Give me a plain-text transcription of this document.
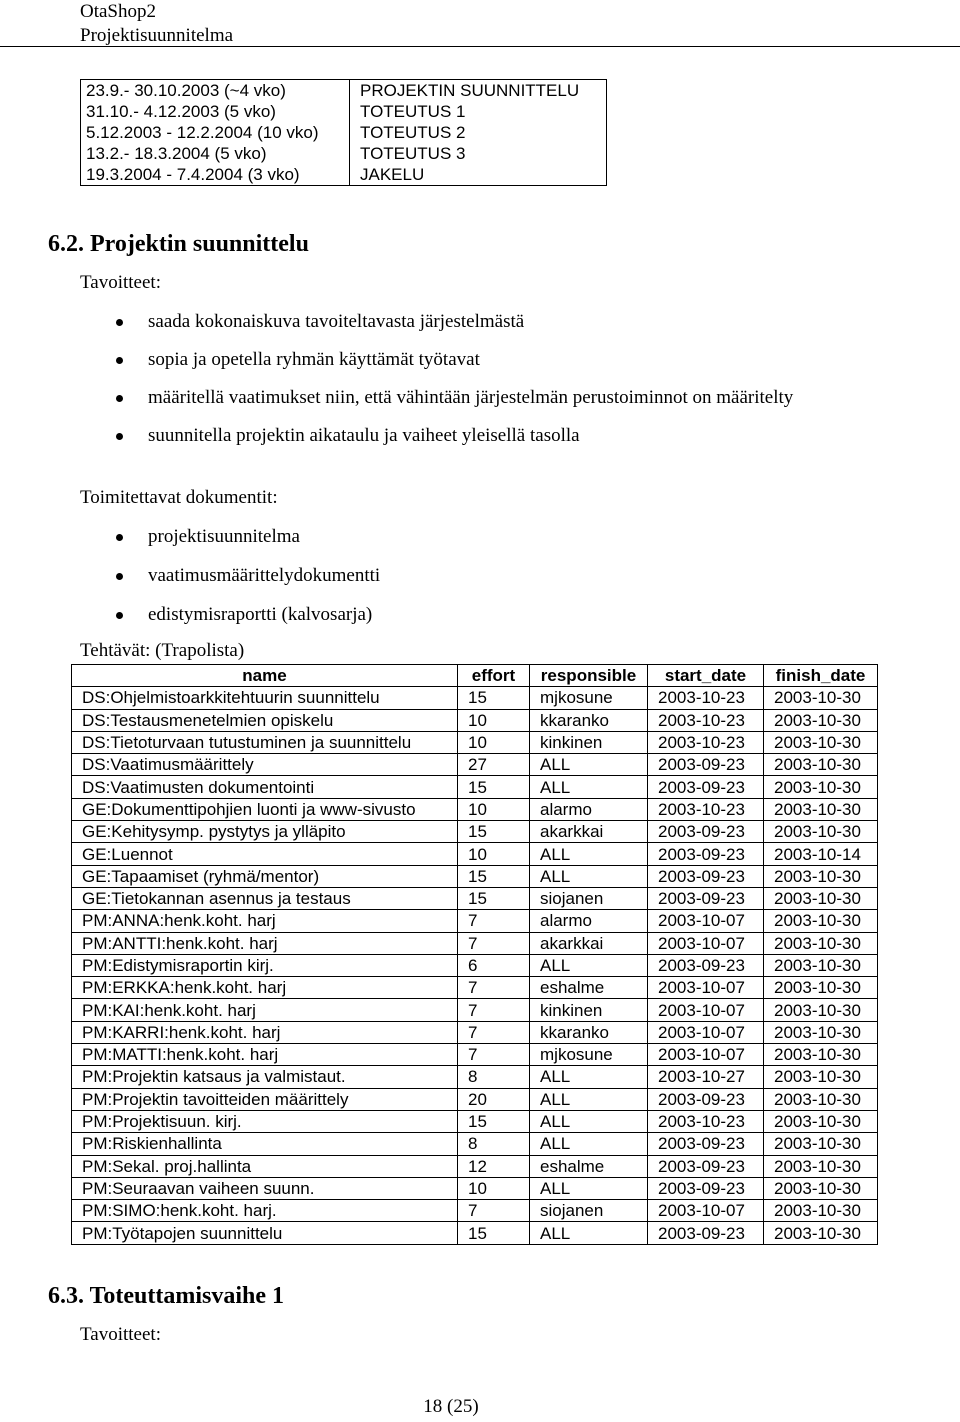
OtaShop2
Projektisuunnitelma
23.9.- 30.10.2003 (~4 vko)	PROJEKTIN SUUNNITTELU
31.10.- 4.12.2003 (5 vko)	TOTEUTUS 1
5.12.2003 - 12.2.2004 (10 vko)	TOTEUTUS 2
13.2.- 18.3.2004 (5 vko)	TOTEUTUS 3
19.3.2004 - 7.4.2004 (3 vko)	JAKELU
6.2. Projektin suunnittelu
Tavoitteet:
saada kokonaiskuva tavoiteltavasta järjestelmästä
sopia ja opetella ryhmän käyttämät työtavat
määritellä vaatimukset niin, että vähintään järjestelmän perustoiminnot on määritelty
suunnitella projektin aikataulu ja vaiheet yleisellä tasolla
Toimitettavat dokumentit:
projektisuunnitelma
vaatimusmäärittelydokumentti
edistymisraportti (kalvosarja)
Tehtävät: (Trapolista)
name	effort	responsible	start_date	finish_date
DS:Ohjelmistoarkkitehtuurin suunnittelu	15	mjkosune	2003-10-23	2003-10-30
DS:Testausmenetelmien opiskelu	10	kkaranko	2003-10-23	2003-10-30
DS:Tietoturvaan tutustuminen ja suunnittelu	10	kinkinen	2003-10-23	2003-10-30
DS:Vaatimusmäärittely	27	ALL	2003-09-23	2003-10-30
DS:Vaatimusten dokumentointi	15	ALL	2003-09-23	2003-10-30
GE:Dokumenttipohjien luonti ja www-sivusto	10	alarmo	2003-10-23	2003-10-30
GE:Kehitysymp. pystytys ja ylläpito	15	akarkkai	2003-09-23	2003-10-30
GE:Luennot	10	ALL	2003-09-23	2003-10-14
GE:Tapaamiset (ryhmä/mentor)	15	ALL	2003-09-23	2003-10-30
GE:Tietokannan asennus ja testaus	15	siojanen	2003-09-23	2003-10-30
PM:ANNA:henk.koht. harj	7	alarmo	2003-10-07	2003-10-30
PM:ANTTI:henk.koht. harj	7	akarkkai	2003-10-07	2003-10-30
PM:Edistymisraportin kirj.	6	ALL	2003-09-23	2003-10-30
PM:ERKKA:henk.koht. harj	7	eshalme	2003-10-07	2003-10-30
PM:KAI:henk.koht. harj	7	kinkinen	2003-10-07	2003-10-30
PM:KARRI:henk.koht. harj	7	kkaranko	2003-10-07	2003-10-30
PM:MATTI:henk.koht. harj	7	mjkosune	2003-10-07	2003-10-30
PM:Projektin katsaus ja valmistaut.	8	ALL	2003-10-27	2003-10-30
PM:Projektin tavoitteiden määrittely	20	ALL	2003-09-23	2003-10-30
PM:Projektisuun. kirj.	15	ALL	2003-10-23	2003-10-30
PM:Riskienhallinta	8	ALL	2003-09-23	2003-10-30
PM:Sekal. proj.hallinta	12	eshalme	2003-09-23	2003-10-30
PM:Seuraavan vaiheen suunn.	10	ALL	2003-09-23	2003-10-30
PM:SIMO:henk.koht. harj.	7	siojanen	2003-10-07	2003-10-30
PM:Työtapojen suunnittelu	15	ALL	2003-09-23	2003-10-30
6.3. Toteuttamisvaihe 1
Tavoitteet:
18 (25)
